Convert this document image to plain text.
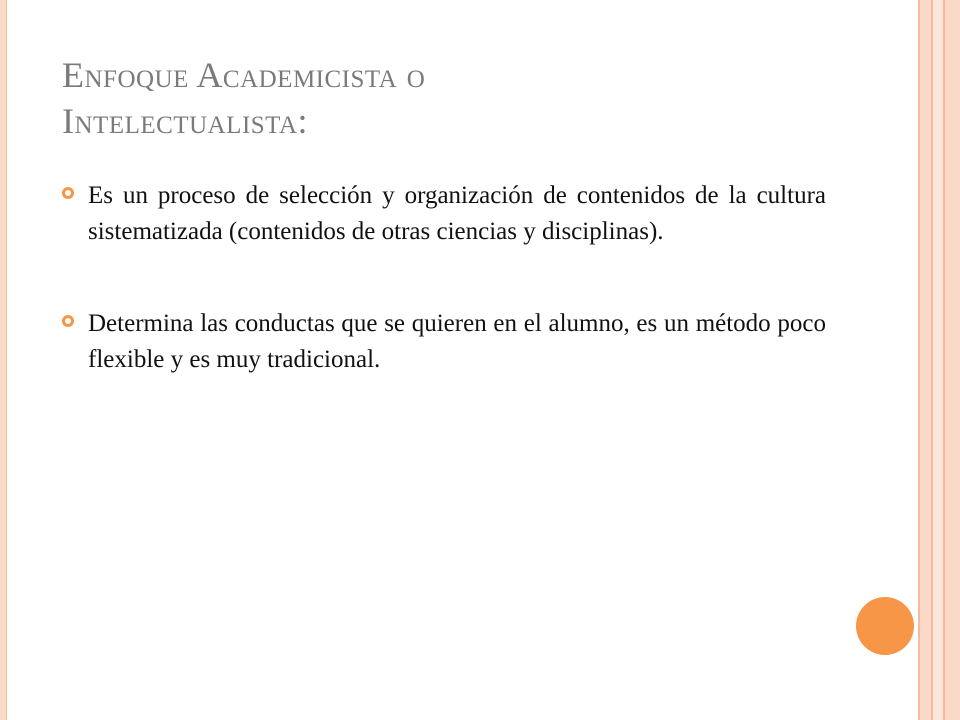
Enfoque Academicista o
Intelectualista:
Es un proceso de selección y organización de contenidos de la cultura sistematizada (contenidos de otras ciencias y disciplinas).
Determina las conductas que se quieren en el alumno, es un método poco flexible y es muy tradicional.
